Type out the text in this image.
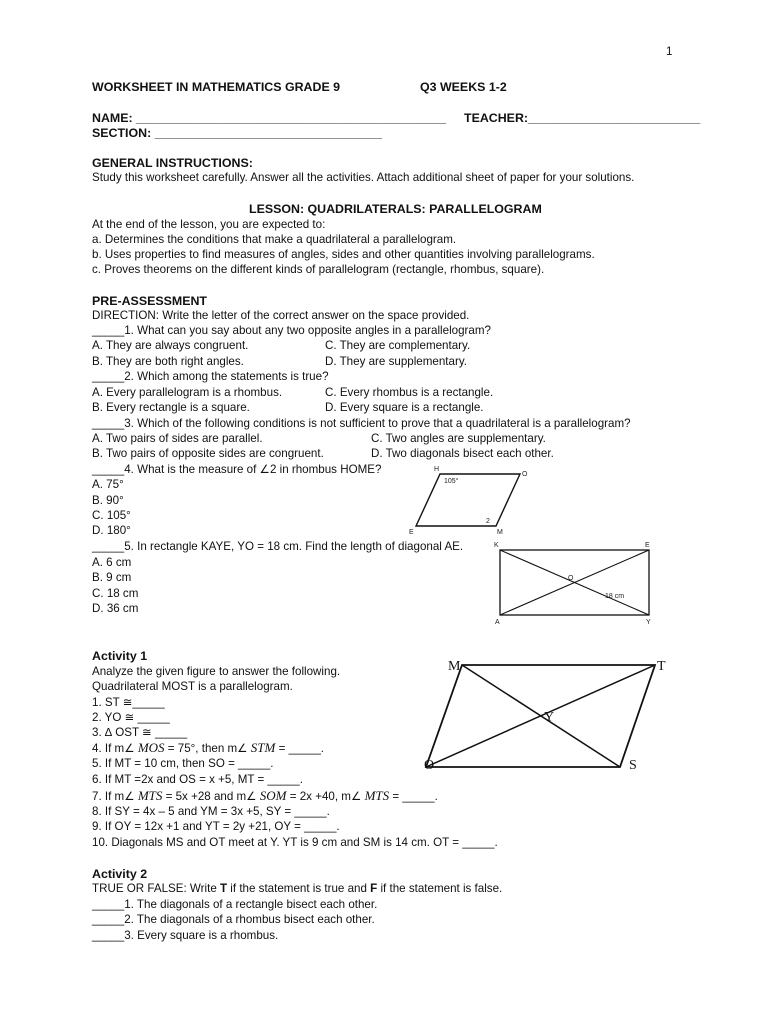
1
WORKSHEET IN MATHEMATICS GRADE 9	Q3 WEEKS 1-2
NAME: _____________________________________________ TEACHER:_________________________
SECTION: _________________________________
GENERAL INSTRUCTIONS:
Study this worksheet carefully. Answer all the activities. Attach additional sheet of paper for your solutions.
LESSON: QUADRILATERALS: PARALLELOGRAM
At the end of the lesson, you are expected to:
a. Determines the conditions that make a quadrilateral a parallelogram.
b. Uses properties to find measures of angles, sides and other quantities involving parallelograms.
c. Proves theorems on the different kinds of parallelogram (rectangle, rhombus, square).
PRE-ASSESSMENT
DIRECTION: Write the letter of the correct answer on the space provided.
_____1. What can you say about any two opposite angles in a parallelogram?
A. They are always congruent.	C. They are complementary.
B. They are both right angles.	D. They are supplementary.
_____2. Which among the statements is true?
A. Every parallelogram is a rhombus.	C. Every rhombus is a rectangle.
B. Every rectangle is a square.	D. Every square is a rectangle.
_____3. Which of the following conditions is not sufficient to prove that a quadrilateral is a parallelogram?
A. Two pairs of sides are parallel.	C. Two angles are supplementary.
B. Two pairs of opposite sides are congruent.	D. Two diagonals bisect each other.
_____4. What is the measure of ∠2 in rhombus HOME?
A. 75°
B. 90°
C. 105°
D. 180°
H
O
M
E
105°
2
_____5. In rectangle KAYE, YO = 18 cm. Find the length of diagonal AE.
A. 6 cm
B. 9 cm
C. 18 cm
D. 36 cm
K	E
A	Y
O
18 cm
Activity 1
Analyze the given figure to answer the following.
Quadrilateral MOST is a parallelogram.
1. ST ≅_____
2. YO ≅ _____
3. ∆ OST ≅ _____
4. If m∠ MOS = 75°, then m∠ STM = _____.
5. If MT = 10 cm, then SO = _____.
6. If MT =2x and OS = x +5, MT = _____.
7. If m∠ MTS = 5x +28 and m∠ SOM = 2x +40, m∠ MTS = _____.
8. If SY = 4x – 5 and YM = 3x +5, SY = _____.
9. If OY = 12x +1 and YT = 2y +21, OY = _____.
10. Diagonals MS and OT meet at Y. YT is 9 cm and SM is 14 cm. OT = _____.
M	T
Y
O	S
Activity 2
TRUE OR FALSE: Write T if the statement is true and F if the statement is false.
_____1. The diagonals of a rectangle bisect each other.
_____2. The diagonals of a rhombus bisect each other.
_____3. Every square is a rhombus.
